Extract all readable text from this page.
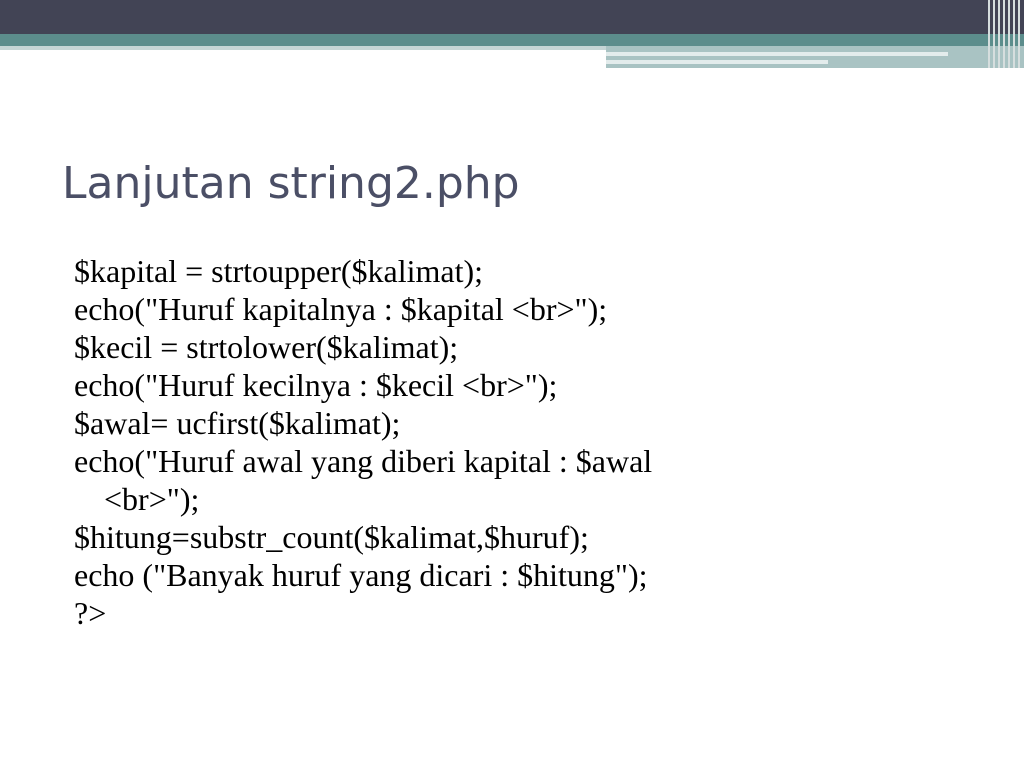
Lanjutan string2.php
$kapital = strtoupper($kalimat);
echo("Huruf kapitalnya : $kapital <br>");
$kecil = strtolower($kalimat);
echo("Huruf kecilnya : $kecil <br>");
$awal= ucfirst($kalimat);
echo("Huruf awal yang diberi kapital : $awal
<br>");
$hitung=substr_count($kalimat,$huruf);
echo ("Banyak huruf yang dicari : $hitung");
?>
